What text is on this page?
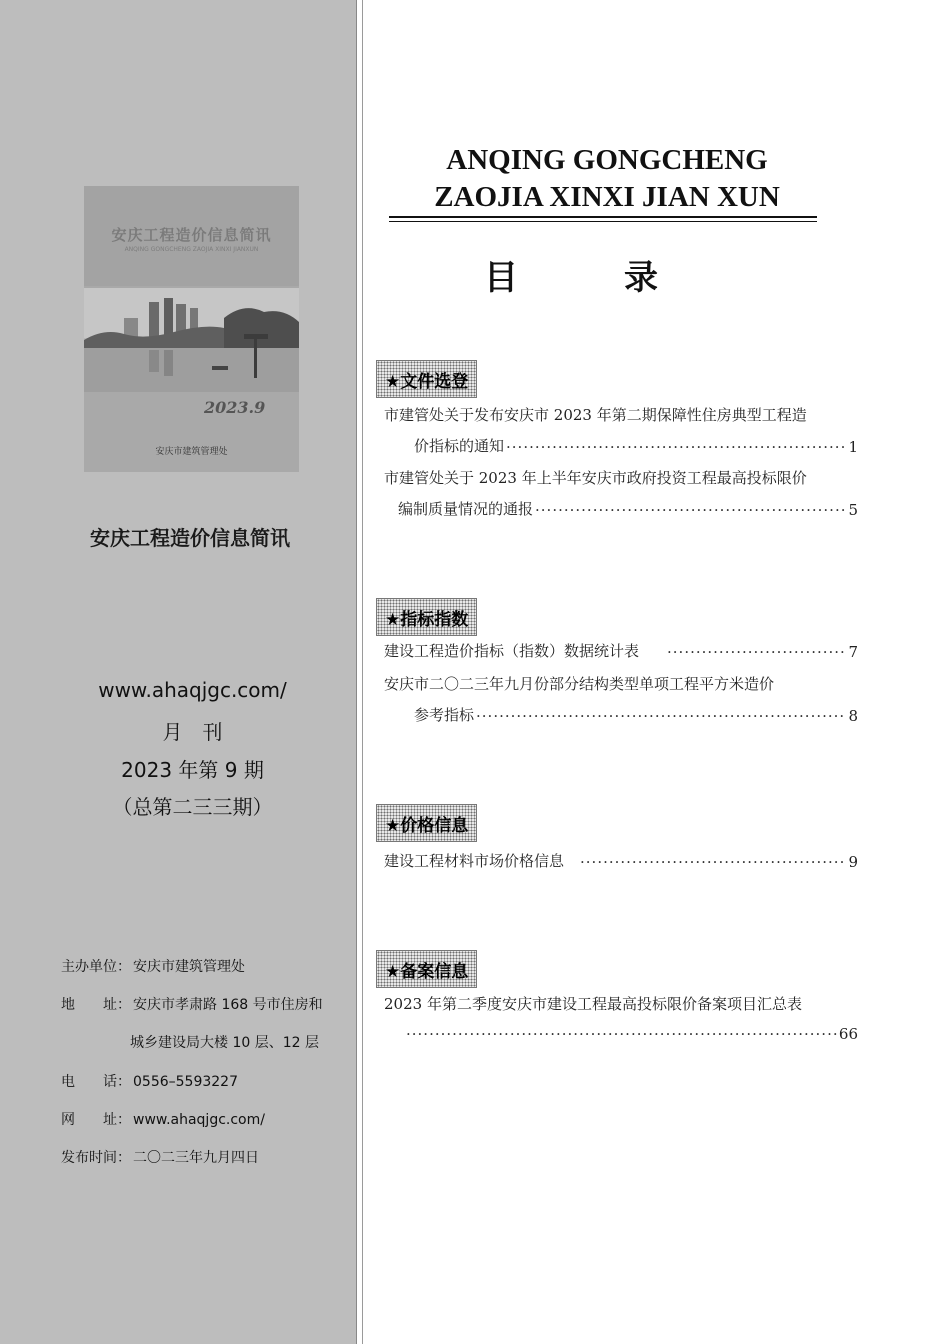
安庆工程造价信息简讯
ANQING GONGCHENG ZAOJIA XINXI JIANXUN
2023.9
安庆市建筑管理处
安庆工程造价信息简讯
www.ahaqjgc.com/
月　刊
2023 年第 9 期
（总第二三三期）
主办单位： 安庆市建筑管理处
地　　址： 安庆市孝肃路 168 号市住房和
城乡建设局大楼 10 层、12 层
电　　话： 0556–5593227
网　　址： www.ahaqjgc.com/
发布时间： 二〇二三年九月四日
ANQING GONGCHENG
ZAOJIA XINXI JIAN XUN
目　录
★文件选登
市建管处关于发布安庆市 2023 年第二期保障性住房典型工程造
价指标的通知 ·····	1
市建管处关于 2023 年上半年安庆市政府投资工程最高投标限价
编制质量情况的通报 ·····	5
★指标指数
建设工程造价指标（指数）数据统计表 ·····	7
安庆市二〇二三年九月份部分结构类型单项工程平方米造价
参考指标 ·····	8
★价格信息
建设工程材料市场价格信息 ·····	9
★备案信息
2023 年第二季度安庆市建设工程最高投标限价备案项目汇总表
·····
66
